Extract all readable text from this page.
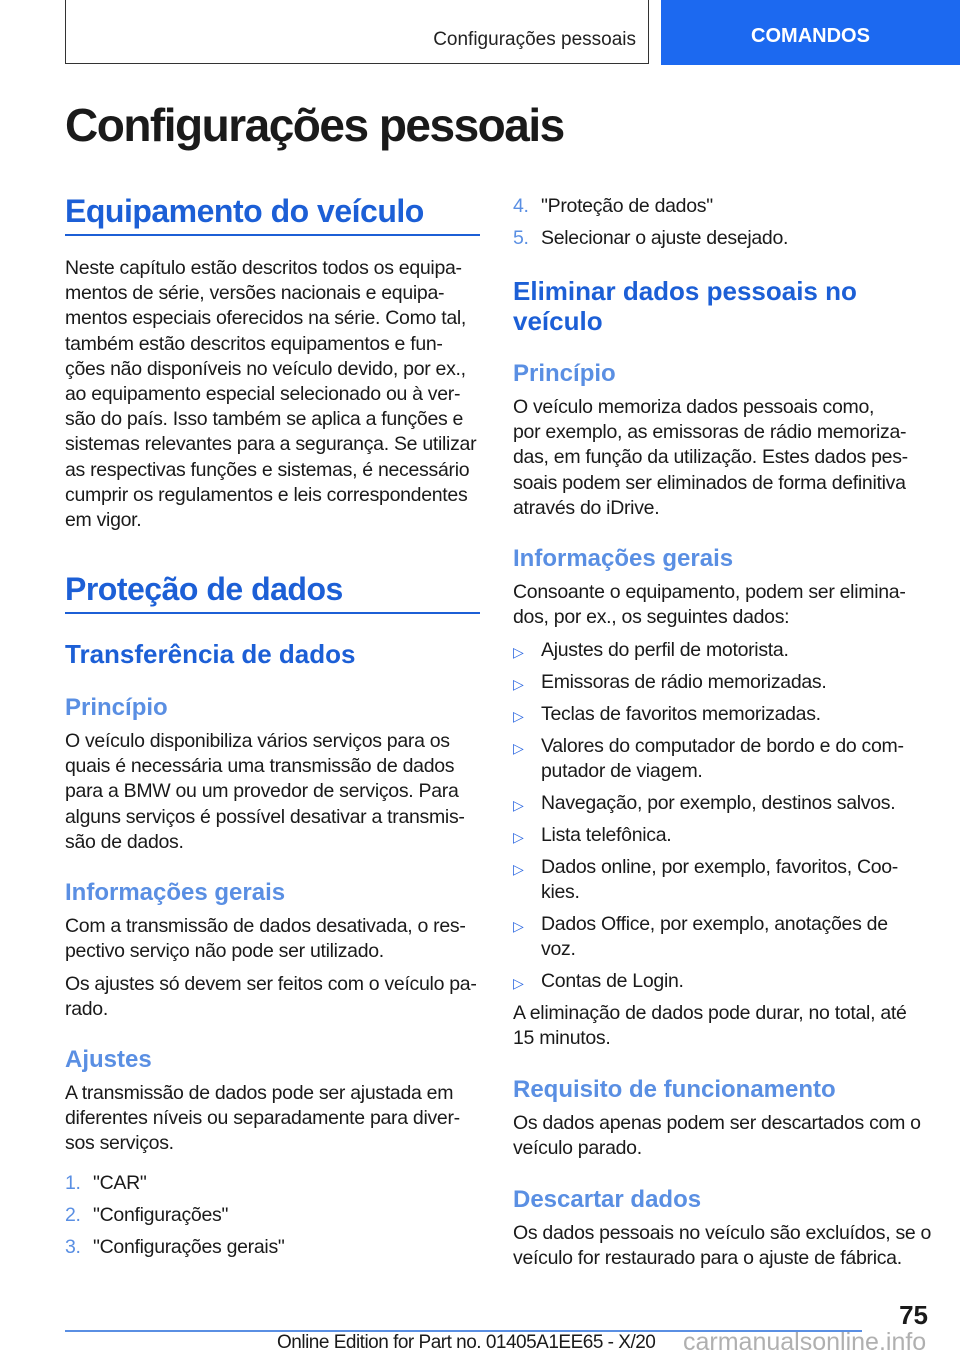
Configurações pessoais	COMANDOS
Configurações pessoais
Equipamento do veículo
Neste capítulo estão descritos todos os equipa-
mentos de série, versões nacionais e equipa-
mentos especiais oferecidos na série. Como tal,
também estão descritos equipamentos e fun-
ções não disponíveis no veículo devido, por ex.,
ao equipamento especial selecionado ou à ver-
são do país. Isso também se aplica a funções e
sistemas relevantes para a segurança. Se utilizar
as respectivas funções e sistemas, é necessário
cumprir os regulamentos e leis correspondentes
em vigor.
Proteção de dados
Transferência de dados
Princípio
O veículo disponibiliza vários serviços para os
quais é necessária uma transmissão de dados
para a BMW ou um provedor de serviços. Para
alguns serviços é possível desativar a transmis-
são de dados.
Informações gerais
Com a transmissão de dados desativada, o res-
pectivo serviço não pode ser utilizado.
Os ajustes só devem ser feitos com o veículo pa-
rado.
Ajustes
A transmissão de dados pode ser ajustada em
diferentes níveis ou separadamente para diver-
sos serviços.
1. "CAR"
2. "Configurações"
3. "Configurações gerais"
4. "Proteção de dados"
5. Selecionar o ajuste desejado.
Eliminar dados pessoais no
veículo
Princípio
O veículo memoriza dados pessoais como,
por exemplo, as emissoras de rádio memoriza-
das, em função da utilização. Estes dados pes-
soais podem ser eliminados de forma definitiva
através do iDrive.
Informações gerais
Consoante o equipamento, podem ser elimina-
dos, por ex., os seguintes dados:
▷ Ajustes do perfil de motorista.
▷ Emissoras de rádio memorizadas.
▷ Teclas de favoritos memorizadas.
▷ Valores do computador de bordo e do com-
putador de viagem.
▷ Navegação, por exemplo, destinos salvos.
▷ Lista telefônica.
▷ Dados online, por exemplo, favoritos, Coo-
kies.
▷ Dados Office, por exemplo, anotações de
voz.
▷ Contas de Login.
A eliminação de dados pode durar, no total, até
15 minutos.
Requisito de funcionamento
Os dados apenas podem ser descartados com o
veículo parado.
Descartar dados
Os dados pessoais no veículo são excluídos, se o
veículo for restaurado para o ajuste de fábrica.
75
Online Edition for Part no. 01405A1EE65 - X/20 carmanualsonline.info
